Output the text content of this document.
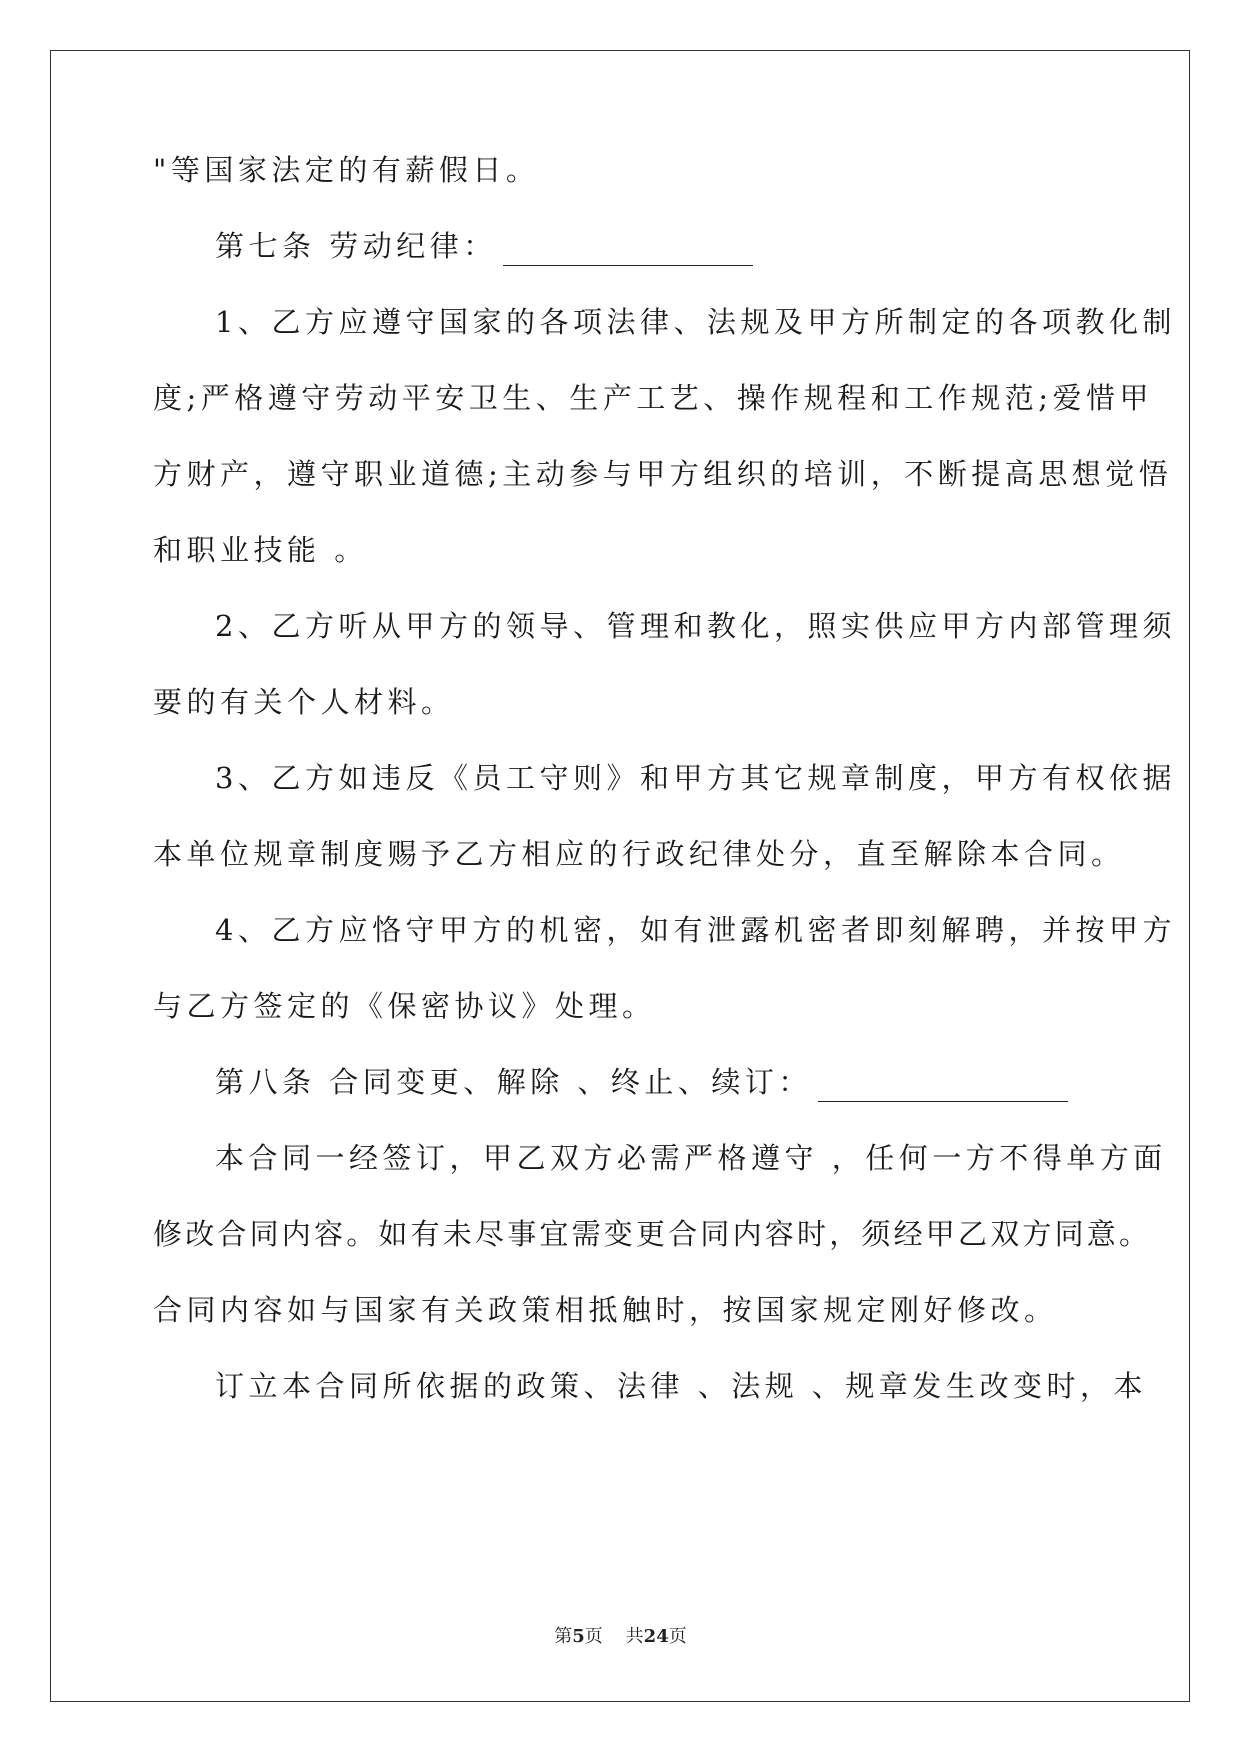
"等国家法定的有薪假日。
第七条 劳动纪律：
1、乙方应遵守国家的各项法律、法规及甲方所制定的各项教化制
度;严格遵守劳动平安卫生、生产工艺、操作规程和工作规范;爱惜甲
方财产，遵守职业道德;主动参与甲方组织的培训，不断提高思想觉悟
和职业技能 。
2、乙方听从甲方的领导、管理和教化，照实供应甲方内部管理须
要的有关个人材料。
3、乙方如违反《员工守则》和甲方其它规章制度，甲方有权依据
本单位规章制度赐予乙方相应的行政纪律处分，直至解除本合同。
4、乙方应恪守甲方的机密，如有泄露机密者即刻解聘，并按甲方
与乙方签定的《保密协议》处理。
第八条 合同变更、解除 、终止、续订：
本合同一经签订，甲乙双方必需严格遵守 ，任何一方不得单方面
修改合同内容。如有未尽事宜需变更合同内容时，须经甲乙双方同意。
合同内容如与国家有关政策相抵触时，按国家规定刚好修改。
订立本合同所依据的政策、法律 、法规 、规章发生改变时，本
第5页 共24页
